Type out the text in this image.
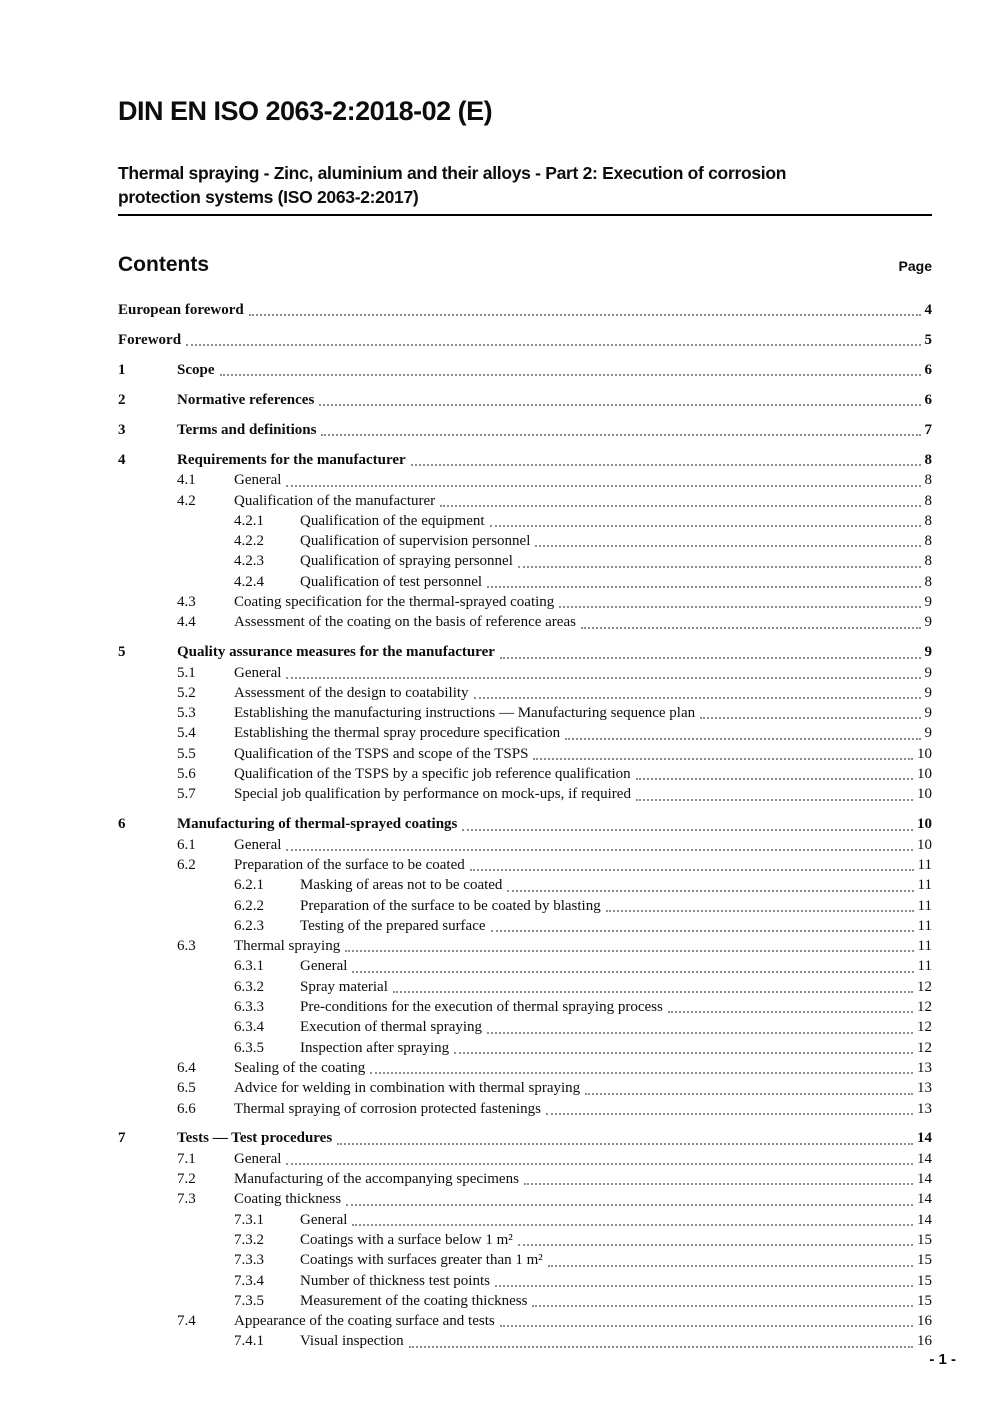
DIN EN ISO 2063-2:2018-02 (E)
Thermal spraying - Zinc, aluminium and their alloys - Part 2: Execution of corrosion
protection systems (ISO 2063-2:2017)
Contents	Page
European foreword	4
Foreword	5
1	Scope	6
2	Normative references	6
3	Terms and definitions	7
4	Requirements for the manufacturer	8
4.1	General	8
4.2	Qualification of the manufacturer	8
4.2.1	Qualification of the equipment	8
4.2.2	Qualification of supervision personnel	8
4.2.3	Qualification of spraying personnel	8
4.2.4	Qualification of test personnel	8
4.3	Coating specification for the thermal-sprayed coating	9
4.4	Assessment of the coating on the basis of reference areas	9
5	Quality assurance measures for the manufacturer	9
5.1	General	9
5.2	Assessment of the design to coatability	9
5.3	Establishing the manufacturing instructions — Manufacturing sequence plan	9
5.4	Establishing the thermal spray procedure specification	9
5.5	Qualification of the TSPS and scope of the TSPS	10
5.6	Qualification of the TSPS by a specific job reference qualification	10
5.7	Special job qualification by performance on mock-ups, if required	10
6	Manufacturing of thermal-sprayed coatings	10
6.1	General	10
6.2	Preparation of the surface to be coated	11
6.2.1	Masking of areas not to be coated	11
6.2.2	Preparation of the surface to be coated by blasting	11
6.2.3	Testing of the prepared surface	11
6.3	Thermal spraying	11
6.3.1	General	11
6.3.2	Spray material	12
6.3.3	Pre-conditions for the execution of thermal spraying process	12
6.3.4	Execution of thermal spraying	12
6.3.5	Inspection after spraying	12
6.4	Sealing of the coating	13
6.5	Advice for welding in combination with thermal spraying	13
6.6	Thermal spraying of corrosion protected fastenings	13
7	Tests — Test procedures	14
7.1	General	14
7.2	Manufacturing of the accompanying specimens	14
7.3	Coating thickness	14
7.3.1	General	14
7.3.2	Coatings with a surface below 1 m²	15
7.3.3	Coatings with surfaces greater than 1 m²	15
7.3.4	Number of thickness test points	15
7.3.5	Measurement of the coating thickness	15
7.4	Appearance of the coating surface and tests	16
7.4.1	Visual inspection	16
- 1 -
